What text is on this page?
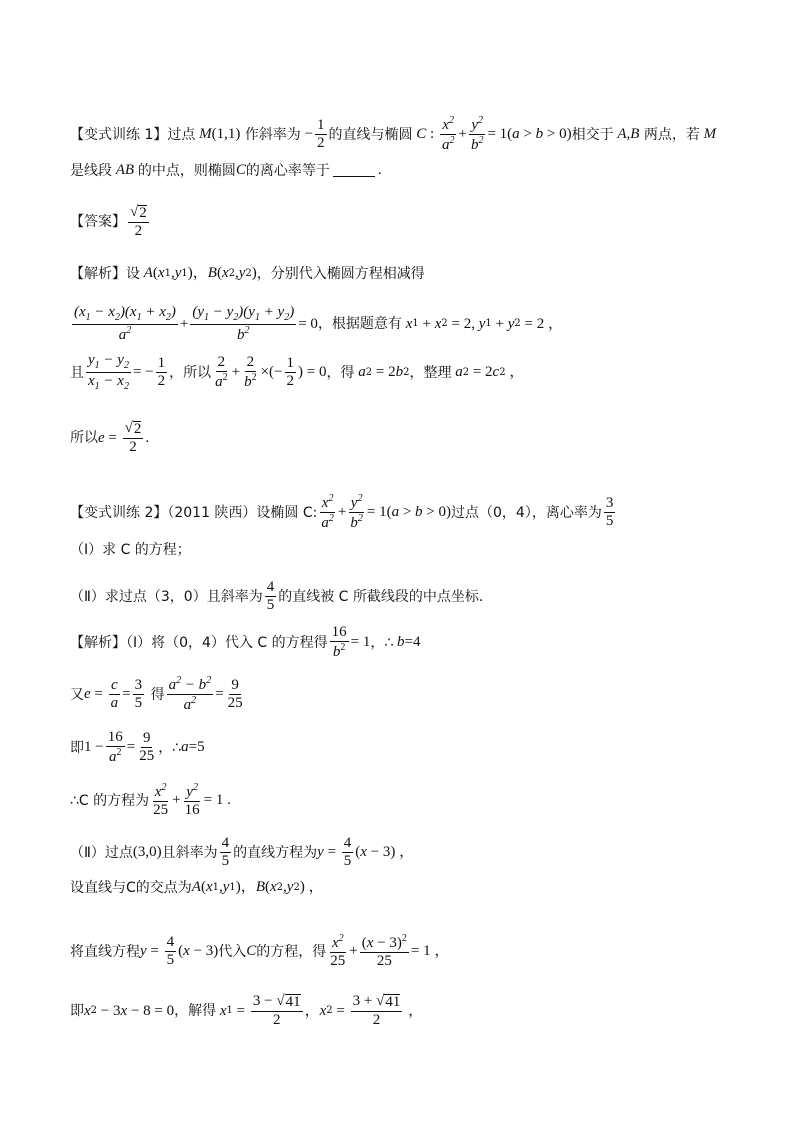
【变式训练 1】过点 M (1,1)
作斜率为 − $\frac{1}{2}$ 的直线与椭圆 C : $\frac{x^2}{a^2} + \frac{y^2}{b^2} = 1$( a > b > 0) 相交于 A , B
两点，若 M
是线段 AB 的中点，则椭圆 C 的离心率等于	.
【答案】 $\frac{√ 2}{2}$
【解析】 设 A ( x 1 , y 1 ) ， B ( x 2 , y 2 ) ，分别代入椭圆方程相减得
$\frac{(x_1 - x_2)(x_1 + x_2)}{a^2} + \frac{(y_1 - y_2)(y_1 + y_2)}{b^2} = 0$ ，根据题意有 x 1 + x 2 = 2, y 1 + y 2 = 2 ，
且 $\frac{y_1 - y_2}{x_1 - x_2}$ = − $\frac{1}{2}$ ，所以 $\frac{2}{a^2} + \frac{2}{b^2}$ ×(− $\frac{1}{2}$ ) = 0 ，得 a 2 = 2 b 2 ，整理 a 2 = 2 c 2 ，
所以 $e = \frac{√ 2}{2}$ .
【变式训练 2】（2011 陕西）设椭圆 C: $\frac{x^2}{a^2} + \frac{y^2}{b^2} = 1$( a > b > 0) 过点（0，4），离心率为 $\frac{3}{5}$
（Ⅰ）求 C 的方程；
（Ⅱ）求过点（3，0）且斜率为 $\frac{4}{5}$ 的直线被 C 所截线段的中点坐标．
【解析】（Ⅰ）将（0，4）代入 C 的方程得 $\frac{16}{b^2} = 1$ ，∴ b =4
又 $e = \frac{c}{a} = \frac{3}{5}$
得 $\frac{a^2 - b^2}{a^2} = \frac{9}{25}$
即 $1 - \frac{16}{a^2} = \frac{9}{25}$ ，∴ a =5
∴C 的方程为 $\frac{x^2}{25} + \frac{y^2}{16} = 1$ .
（Ⅱ）过点 (3,0) 且斜率为 $\frac{4}{5}$ 的直线方程为 $y = \frac{4}{5}$ ( x − 3) ，
设直线与C的交点为 A ( x 1 , y 1 ) ， B ( x 2 , y 2 ) ，
将直线方程 $y = \frac{4}{5}$ ( x − 3) 代入 C 的方程，得 $\frac{x^2}{25} + \frac{(x - 3)^2}{25} = 1$ ，
即 x 2 − 3 x − 8 = 0 ，解得 x $1 = \frac{3 - √ 41}{2}$ ， x $2 = \frac{3 + √ 41}{2}$ ，
